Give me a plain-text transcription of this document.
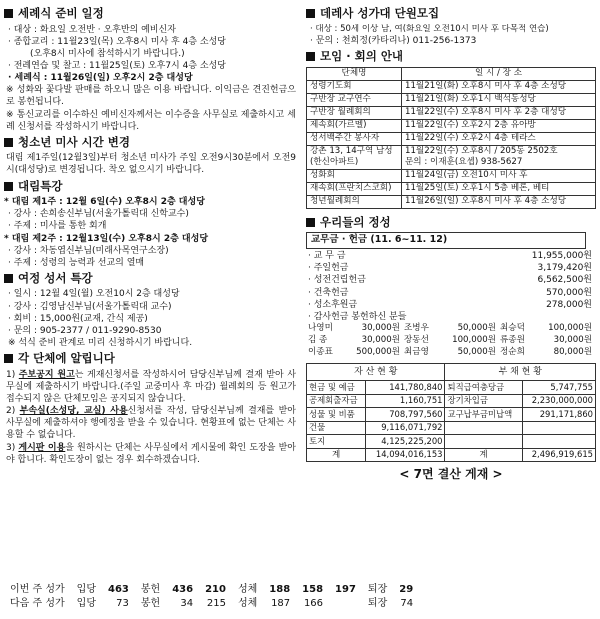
세례식 준비 일정
· 대상 : 화요일 오전반 · 오후반의 예비신자
· 종합교리 : 11월23일(목) 오후8시 미사 후 4층 소성당
(오후8시 미사에 참석하시기 바랍니다.)
· 전례연습 및 찰고 : 11월25일(토) 오후7시 4층 소성당
· 세례식 : 11월26일(일) 오후2시 2층 대성당
※ 성화와 꽃다발 판매를 하오니 많은 이용 바랍니다. 이익금은 견진헌금으로 봉헌됩니다.
※ 통신교리를 이수하신 예비신자께서는 이수증을 사무실로 제출하시고 세례 신청서를 작성하시기 바랍니다.
청소년 미사 시간 변경
대림 제1주일(12월3일)부터 청소년 미사가 주일 오전9시30분에서 오전9시(대성당)로 변경됩니다. 착오 없으시기 바랍니다.
대림특강
* 대림 제1주 : 12월 6일(수) 오후8시 2층 대성당
· 강사 : 손희송신부님(서울가톨릭대 신학교수)
· 주제 : 미사를 통한 회개
* 대림 제2주 : 12월13일(수) 오후8시 2층 대성당
· 강사 : 차동엽신부님(미래사목연구소장)
· 주제 : 성령의 능력과 선교의 열매
여정 성서 특강
· 일시 : 12월 4일(월) 오전10시 2층 대성당
· 강사 : 김영남신부님(서울가톨릭대 교수)
· 회비 : 15,000원(교재, 간식 제공)
· 문의 : 905-2377 / 011-9290-8530
※ 석식 준비 관계로 미리 신청하시기 바랍니다.
각 단체에 알립니다
1) 주보공지 원고는 게재신청서를 작성하시어 담당신부님께 결재 받아 사무실에 제출하시기 바랍니다.(주일 교중미사 후 마감) 월례회의 등 원고가 접수되지 않은 단체모임은 공지되지 않습니다.
2) 부속실(소성당, 교실) 사용신청서를 작성, 담당신부님께 결재를 받아 사무실에 제출하셔야 행예정을 받을 수 있습니다. 현황표에 없는 단체는 사용할 수 없습니다.
3) 게시판 이용을 원하시는 단체는 사무실에서 게시물에 확인 도장을 받아야 합니다. 확인도장이 없는 경우 회수하겠습니다.
데레사 성가대 단원모집
· 대상 : 50세 이상 남, 여(화요일 오전10시 미사 후 다목적 연습)
· 문의 : 천희정(카타리나) 011-256-1373
모임 · 회의 안내
단체명	일 시 / 장 소
성령기도회	11월21일(화) 오후8시 미사 후 4층 소성당
구반장 교구연수	11월21일(화) 오후1시 백석동성당
구반장 월례회의	11월22일(수) 오후8시 미사 후 2층 대성당
제속회(가르멜)	11월22일(수) 오후2시 2층 유아방
성서백주간 봉사자	11월22일(수) 오후2시 4층 테라스
강촌 13, 14구역 남성
(한신아파트)	11월22일(수) 오후8시 / 205동 2502호
문의 : 이재훈(요셉) 938-5627
성화회	11월24일(금) 오전10시 미사 후
재속회(프란치스코회)	11월25일(토) 오후1시 5층 베론, 베티
청년월례회의	11월26일(일) 오후8시 미사 후 4층 소성당
우리들의 정성
교무금 · 헌금 (11. 6~11. 12)
· 교 무 금	11,955,000원
· 주일헌금	3,179,420원
· 성전건립헌금	6,562,500원
· 건축헌금	570,000원
· 성소후원금	278,000원
· 감사헌금 봉헌하신 분들
나영미	30,000원	조병우	50,000원	최승덕	100,000원
김 종	30,000원	장동선	100,000원	류종원	30,000원
이종표	500,000원	최금영	50,000원	정순희	80,000원
자 산 현 황		부 채 현 황	
현금 및 예금	141,780,840	퇴직급여충당금	5,747,755
공제회출자금	1,160,751	장기차입금	2,230,000,000
성물 및 비품	708,797,560	교구납부금미납액	291,171,860
건물	9,116,071,792		
토지	4,125,225,200		
계	14,094,016,153	계	2,496,919,615
< 7면 결산 게재 >
이번 주 성가	입당	463	봉헌	436	210	성체	188	158	197	퇴장	29
다음 주 성가	입당	73	봉헌	34	215	성체	187	166		퇴장	74
